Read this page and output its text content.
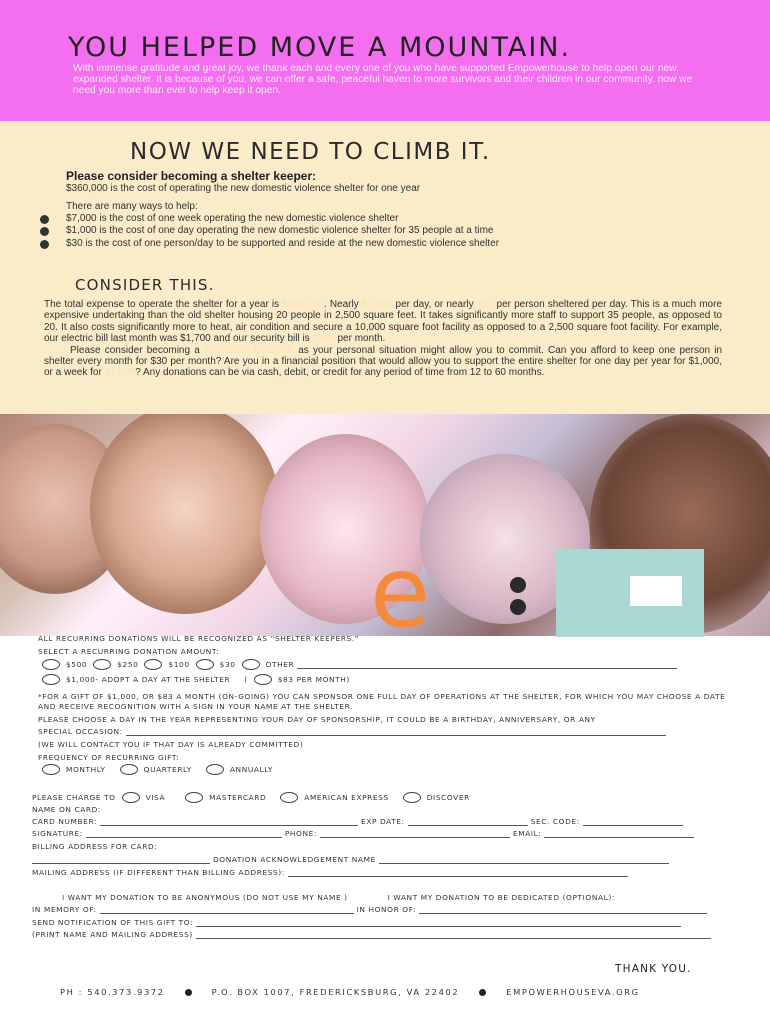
YOU HELPED MOVE A MOUNTAIN.

With immense gratitude and great joy, we thank each and every one of you who have supported Empowerhouse to help open our new, expanded shelter. It is because of you, we can offer a safe, peaceful haven to more survivors and their children in our community. now we need you more than ever to help keep it open.

NOW WE NEED TO CLIMB IT.
Please consider becoming a shelter keeper:
$360,000 is the cost of operating the new domestic violence shelter for one year
There are many ways to help:
$7,000 is the cost of one week operating the new domestic violence shelter
$1,000 is the cost of one day operating the new domestic violence shelter for 35 people at a time
$30 is the cost of one person/day to be supported and reside at the new domestic violence shelter
CONSIDER THIS.
The total expense to operate the shelter for a year is $360,000. Nearly $1,000 per day, or nearly $30 per person sheltered per day. This is a much more expensive undertaking than the old shelter housing 20 people in 2,500 square feet. It takes significantly more staff to support 35 people, as opposed to 20. It also costs significantly more to heat, air condition and secure a 10,000 square foot facility as opposed to a 2,500 square foot facility. For example, our electric bill last month was $1,700 and our security bill is $250 per month.
Please consider becoming a SHELTER KEEPER as your personal situation might allow you to commit. Can you afford to keep one person in shelter every month for $30 per month? Are you in a financial position that would allow you to support the entire shelter for one day per year for $1,000, or a week for $7,000? Any donations can be via cash, debit, or credit for any period of time from 12 to 60 months.
e
ALL RECURRING DONATIONS WILL BE RECOGNIZED AS “SHELTER KEEPERS.”
SELECT A RECURRING DONATION AMOUNT:
$500	$250	$100	$30	OTHER
$1,000- ADOPT A DAY AT THE SHELTER (	$83 PER MONTH)
*FOR A GIFT OF $1,000, OR $83 A MONTH (ON-GOING) YOU CAN SPONSOR ONE FULL DAY OF OPERATIONS AT THE SHELTER, FOR WHICH YOU MAY CHOOSE A DATE AND RECEIVE RECOGNITION WITH A SIGN IN YOUR NAME AT THE SHELTER.
PLEASE CHOOSE A DAY IN THE YEAR REPRESENTING YOUR DAY OF SPONSORSHIP, IT COULD BE A BIRTHDAY, ANNIVERSARY, OR ANY
SPECIAL OCCASION:
(WE WILL CONTACT YOU IF THAT DAY IS ALREADY COMMITTED)
FREQUENCY OF RECURRING GIFT:
MONTHLY	QUARTERLY	ANNUALLY
PLEASE CHARGE TO	VISA	MASTERCARD	AMERICAN EXPRESS	DISCOVER
NAME ON CARD:
CARD NUMBER:	EXP DATE:	SEC. CODE:
SIGNATURE:	PHONE:	EMAIL:
BILLING ADDRESS FOR CARD:
DONATION ACKNOWLEDGEMENT NAME
MAILING ADDRESS (IF DIFFERENT THAN BILLING ADDRESS):
I WANT MY DONATION TO BE ANONYMOUS (DO NOT USE MY NAME )	I WANT MY DONATION TO BE DEDICATED (OPTIONAL):
IN MEMORY OF:	IN HONOR OF:
SEND NOTIFICATION OF THIS GIFT TO:
(PRINT NAME AND MAILING ADDRESS)
THANK YOU.
PH : 540.373.9372	P.O. BOX 1007, FREDERICKSBURG, VA 22402	EMPOWERHOUSEVA.ORG
